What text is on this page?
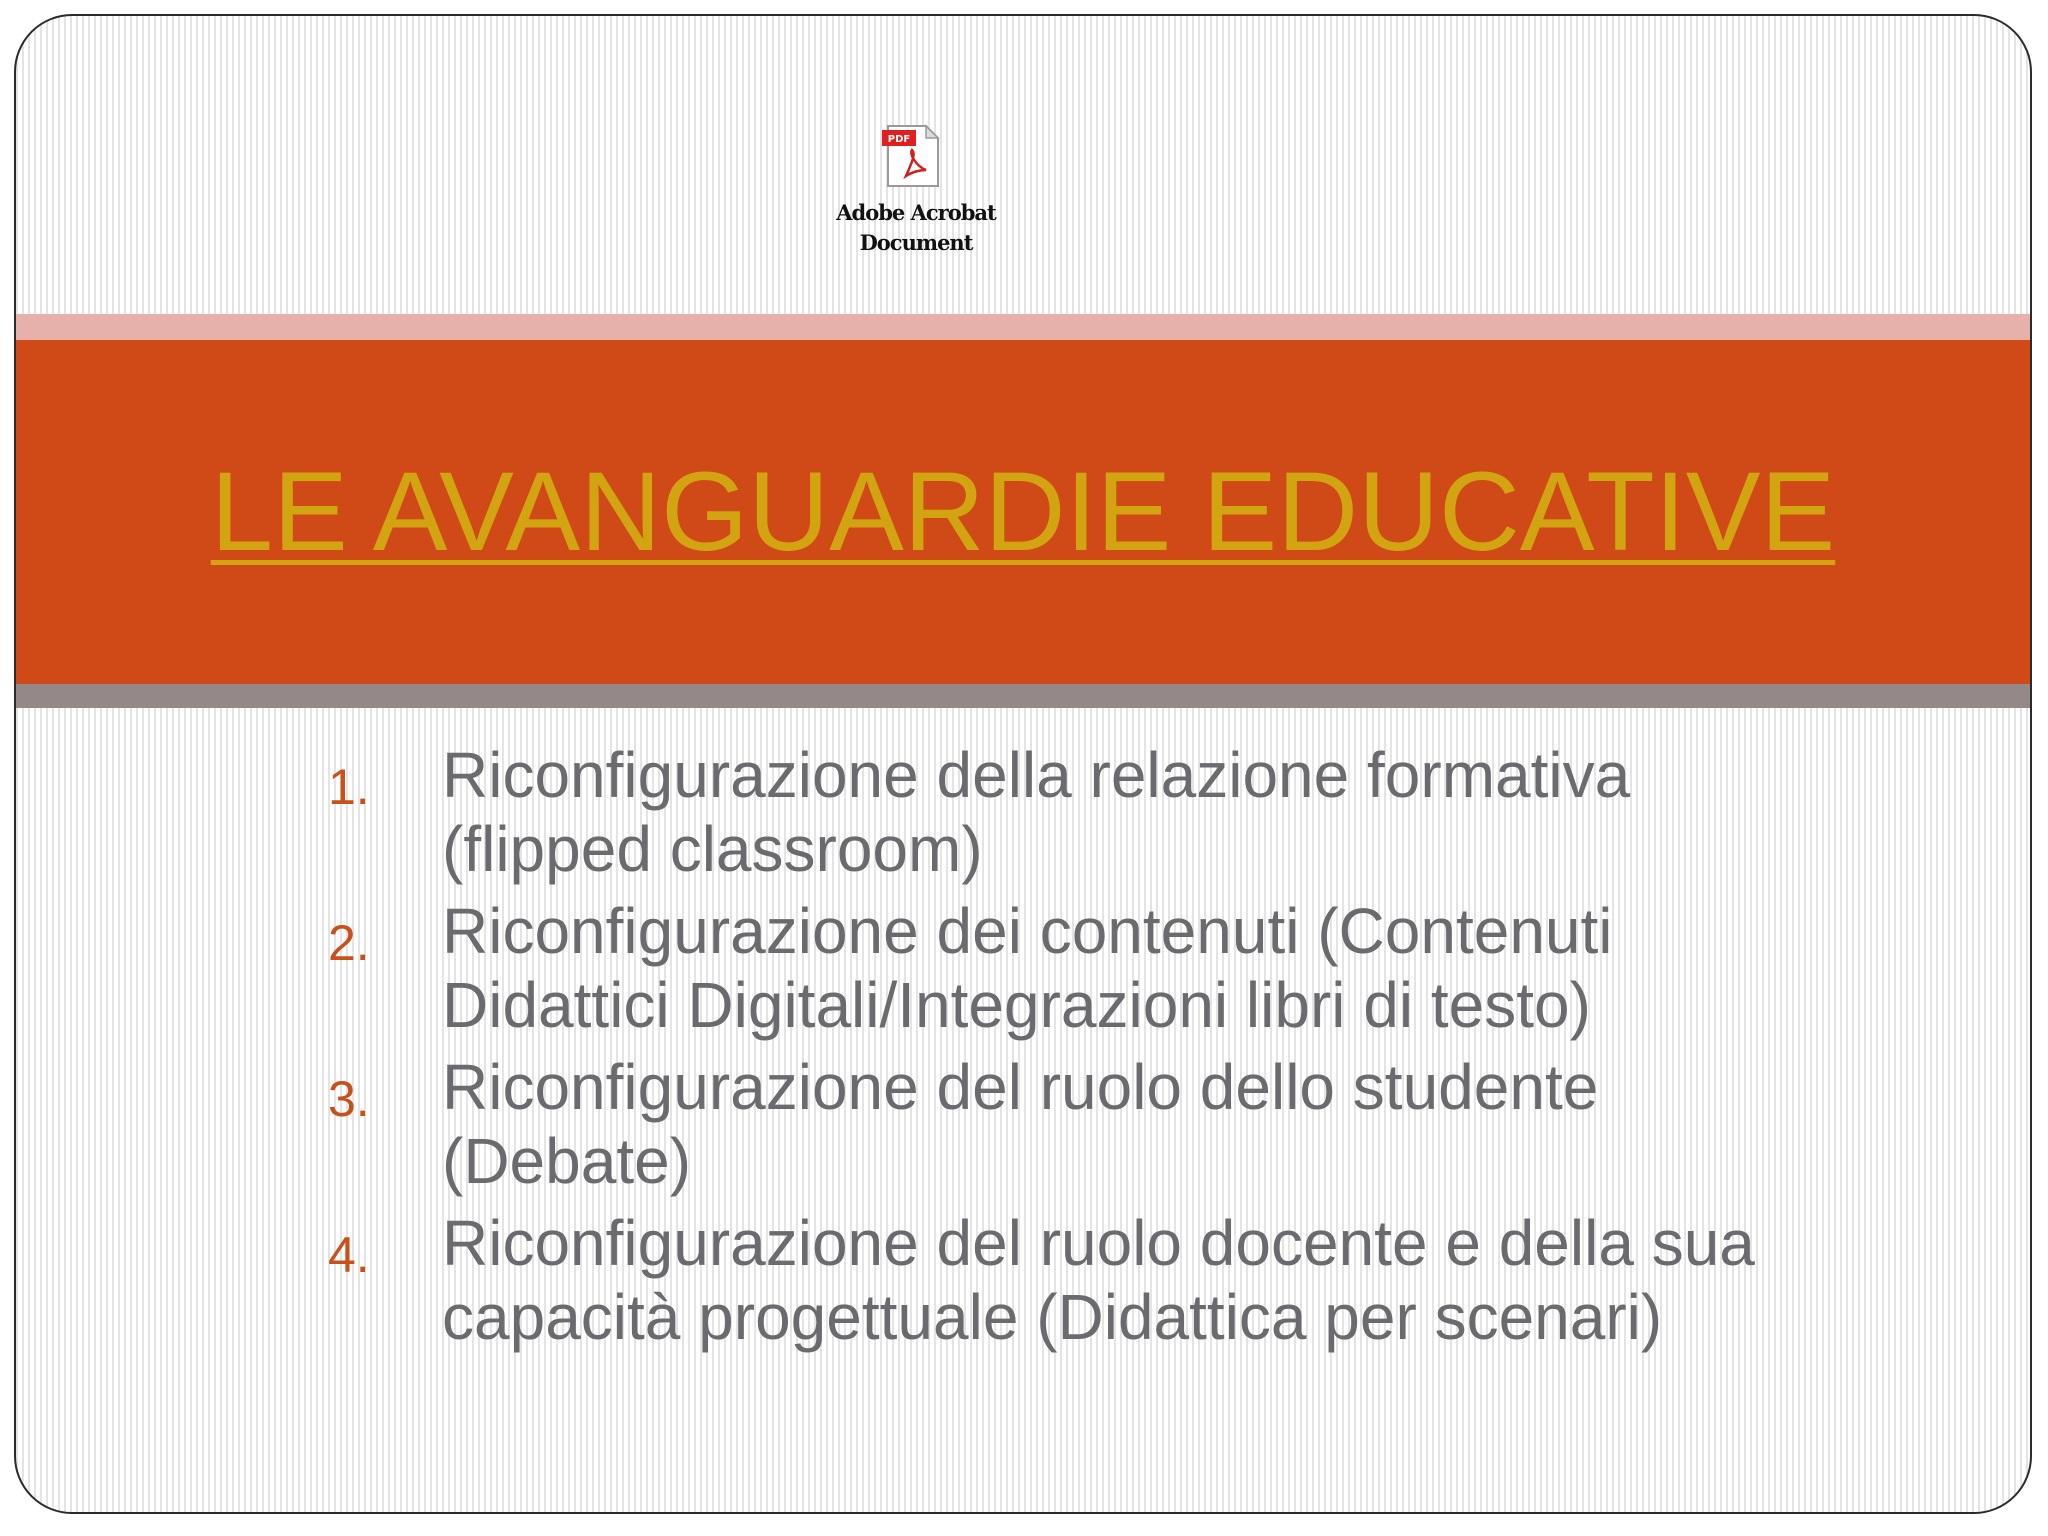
PDF
Adobe Acrobat
Document
LE AVANGUARDIE EDUCATIVE
1. Riconfigurazione della relazione formativa (flipped classroom)
2. Riconfigurazione dei contenuti (Contenuti Didattici Digitali/Integrazioni libri di testo)
3. Riconfigurazione del ruolo dello studente (Debate)
4. Riconfigurazione del ruolo docente e della sua capacità progettuale (Didattica per scenari)
